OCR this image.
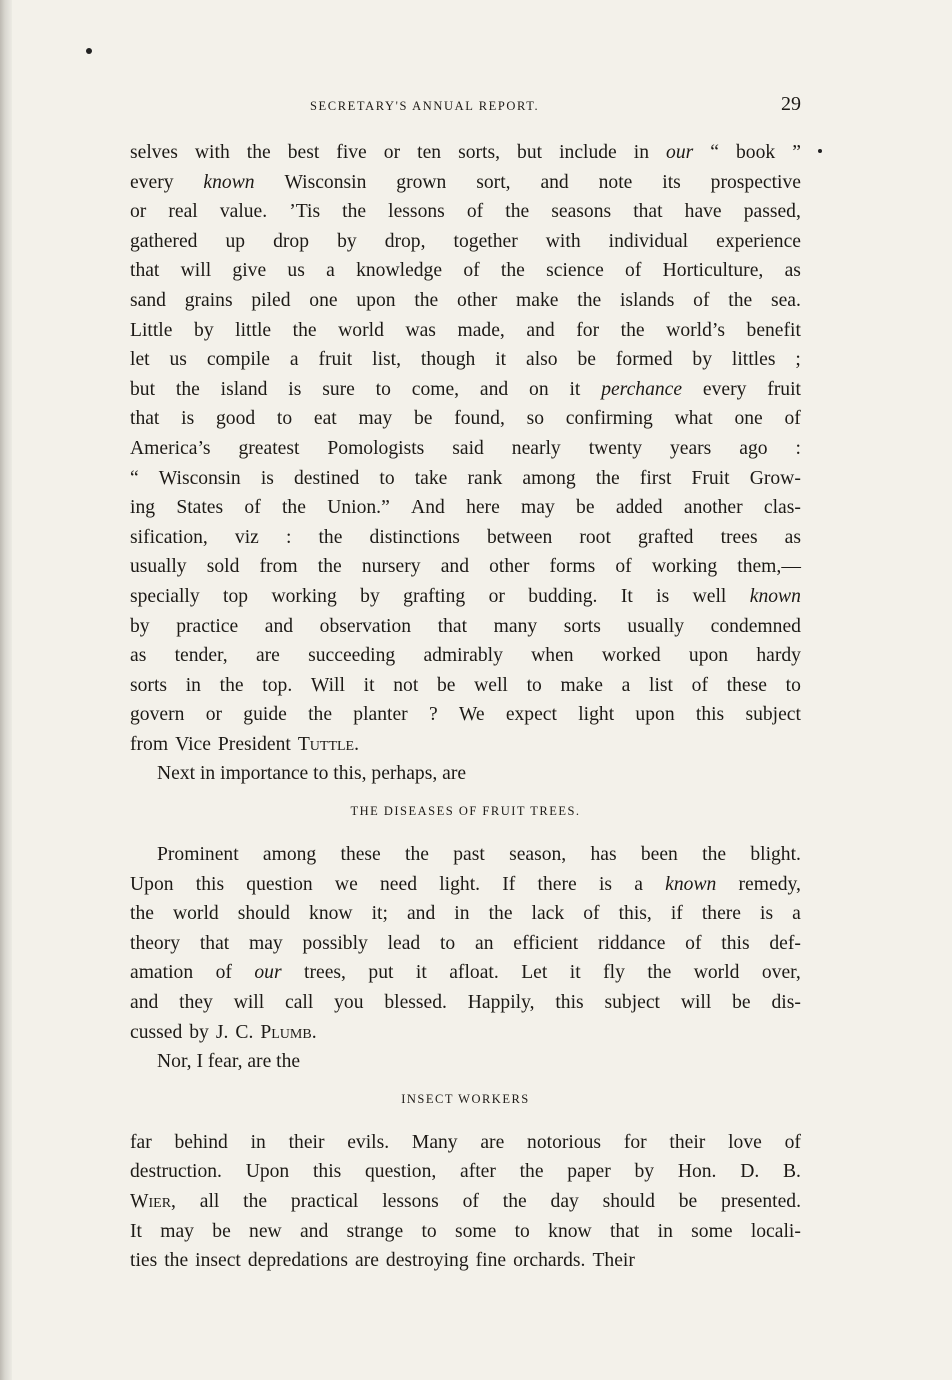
SECRETARY'S ANNUAL REPORT.	29
selves with the best five or ten sorts, but include in our “ book ”
every known Wisconsin grown sort, and note its prospective
or real value. ’Tis the lessons of the seasons that have passed,
gathered up drop by drop, together with individual experience
that will give us a knowledge of the science of Horticulture, as
sand grains piled one upon the other make the islands of the sea.
Little by little the world was made, and for the world’s benefit
let us compile a fruit list, though it also be formed by littles ;
but the island is sure to come, and on it perchance every fruit
that is good to eat may be found, so confirming what one of
America’s greatest Pomologists said nearly twenty years ago :
“ Wisconsin is destined to take rank among the first Fruit Grow-
ing States of the Union.” And here may be added another clas-
sification, viz : the distinctions between root grafted trees as
usually sold from the nursery and other forms of working them,—
specially top working by grafting or budding. It is well known
by practice and observation that many sorts usually condemned
as tender, are succeeding admirably when worked upon hardy
sorts in the top. Will it not be well to make a list of these to
govern or guide the planter ? We expect light upon this subject
from Vice President Tuttle.
Next in importance to this, perhaps, are
THE DISEASES OF FRUIT TREES.
Prominent among these the past season, has been the blight.
Upon this question we need light. If there is a known remedy,
the world should know it; and in the lack of this, if there is a
theory that may possibly lead to an efficient riddance of this def-
amation of our trees, put it afloat. Let it fly the world over,
and they will call you blessed. Happily, this subject will be dis-
cussed by J. C. Plumb.
Nor, I fear, are the
INSECT WORKERS
far behind in their evils. Many are notorious for their love of
destruction. Upon this question, after the paper by Hon. D. B.
Wier, all the practical lessons of the day should be presented.
It may be new and strange to some to know that in some locali-
ties the insect depredations are destroying fine orchards. Their
